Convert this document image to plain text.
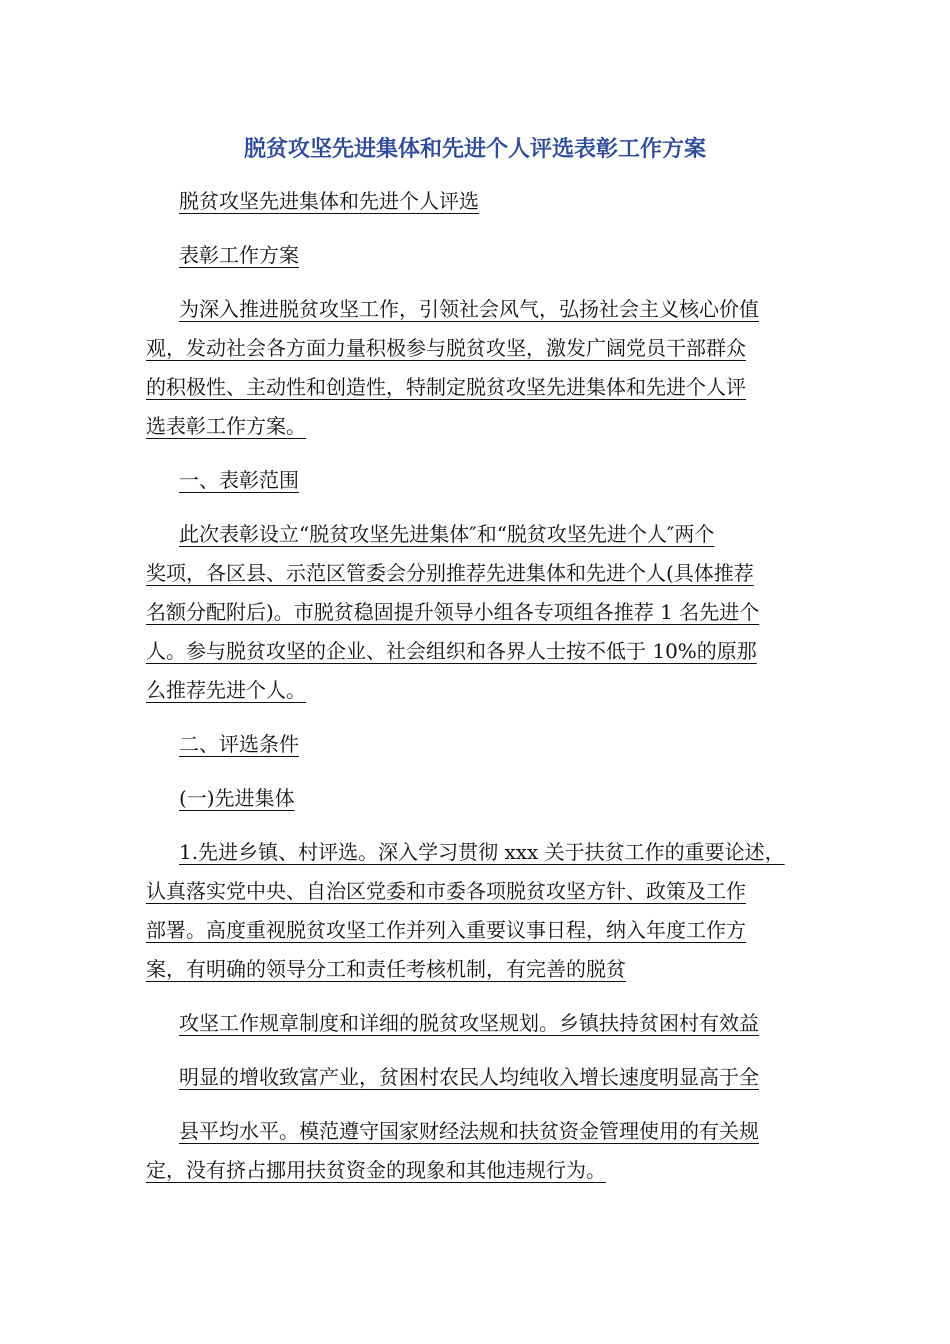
脱贫攻坚先进集体和先进个人评选表彰工作方案
脱贫攻坚先进集体和先进个人评选
表彰工作方案
为深入推进脱贫攻坚工作，引领社会风气，弘扬社会主义核心价值
观，发动社会各方面力量积极参与脱贫攻坚，激发广阔党员干部群众
的积极性、主动性和创造性，特制定脱贫攻坚先进集体和先进个人评
选表彰工作方案。
一、表彰范围
此次表彰设立“脱贫攻坚先进集体″和“脱贫攻坚先进个人″两个
奖项，各区县、示范区管委会分别推荐先进集体和先进个人(具体推荐
名额分配附后)。市脱贫稳固提升领导小组各专项组各推荐 1 名先进个
人。参与脱贫攻坚的企业、社会组织和各界人士按不低于 10%的原那
么推荐先进个人。
二、评选条件
(一)先进集体
1.先进乡镇、村评选。深入学习贯彻 xxx 关于扶贫工作的重要论述，
认真落实党中央、自治区党委和市委各项脱贫攻坚方针、政策及工作
部署。高度重视脱贫攻坚工作并列入重要议事日程，纳入年度工作方
案，有明确的领导分工和责任考核机制，有完善的脱贫
攻坚工作规章制度和详细的脱贫攻坚规划。乡镇扶持贫困村有效益
明显的增收致富产业，贫困村农民人均纯收入增长速度明显高于全
县平均水平。模范遵守国家财经法规和扶贫资金管理使用的有关规
定，没有挤占挪用扶贫资金的现象和其他违规行为。
